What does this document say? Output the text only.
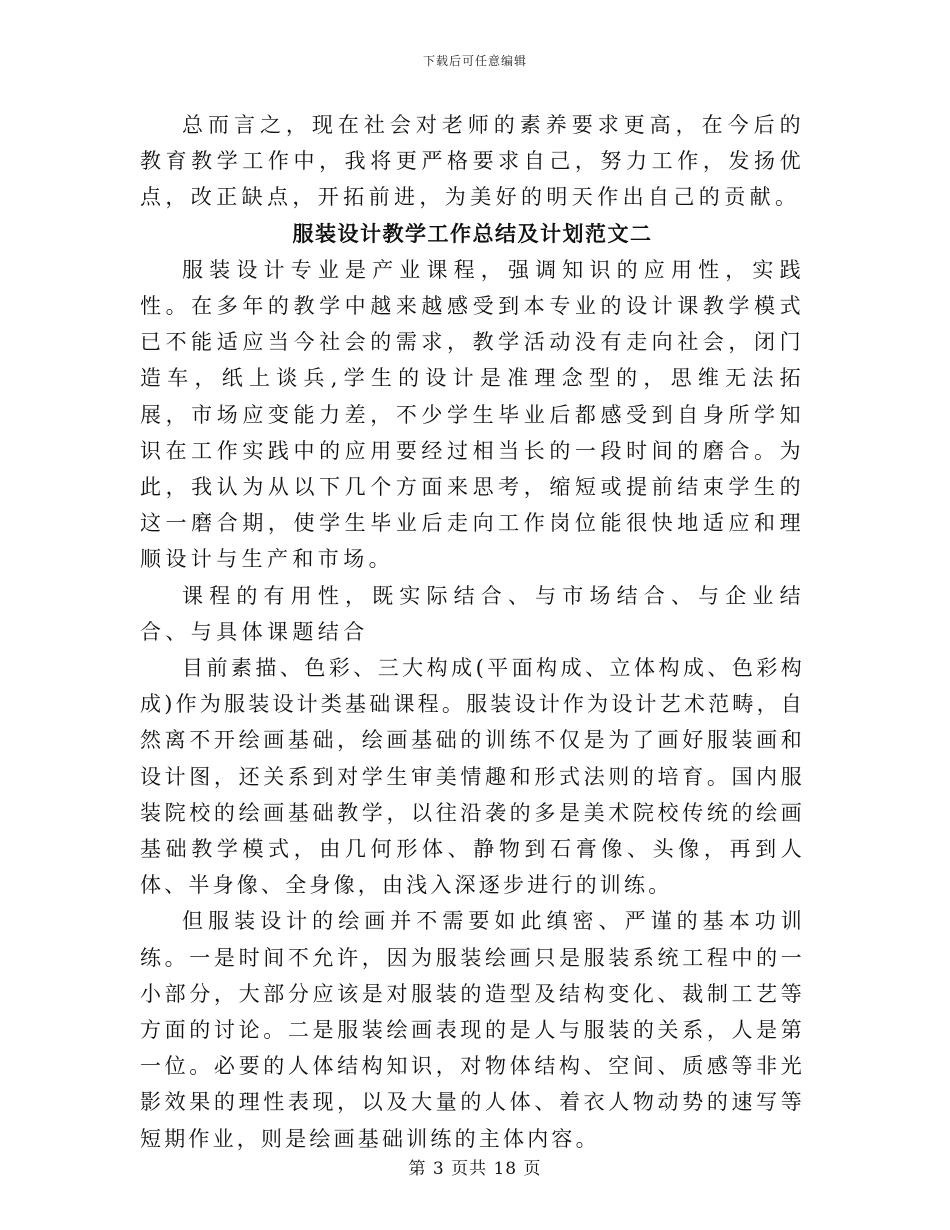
下载后可任意编辑

总而言之，现在社会对老师的素养要求更高，在今后的教育教学工作中，我将更严格要求自己，努力工作，发扬优点，改正缺点，开拓前进，为美好的明天作出自己的贡献。

服装设计教学工作总结及计划范文二

服装设计专业是产业课程，强调知识的应用性，实践性。在多年的教学中越来越感受到本专业的设计课教学模式已不能适应当今社会的需求，教学活动没有走向社会，闭门造车，纸上谈兵,学生的设计是准理念型的，思维无法拓展，市场应变能力差，不少学生毕业后都感受到自身所学知识在工作实践中的应用要经过相当长的一段时间的磨合。为此，我认为从以下几个方面来思考，缩短或提前结束学生的这一磨合期，使学生毕业后走向工作岗位能很快地适应和理顺设计与生产和市场。

课程的有用性，既实际结合、与市场结合、与企业结合、与具体课题结合

目前素描、色彩、三大构成(平面构成、立体构成、色彩构成)作为服装设计类基础课程。服装设计作为设计艺术范畴，自然离不开绘画基础，绘画基础的训练不仅是为了画好服装画和设计图，还关系到对学生审美情趣和形式法则的培育。国内服装院校的绘画基础教学，以往沿袭的多是美术院校传统的绘画基础教学模式，由几何形体、静物到石膏像、头像，再到人体、半身像、全身像，由浅入深逐步进行的训练。

但服装设计的绘画并不需要如此缜密、严谨的基本功训练。一是时间不允许，因为服装绘画只是服装系统工程中的一小部分，大部分应该是对服装的造型及结构变化、裁制工艺等方面的讨论。二是服装绘画表现的是人与服装的关系，人是第一位。必要的人体结构知识，对物体结构、空间、质感等非光影效果的理性表现，以及大量的人体、着衣人物动势的速写等短期作业，则是绘画基础训练的主体内容。

第 3 页共 18 页
